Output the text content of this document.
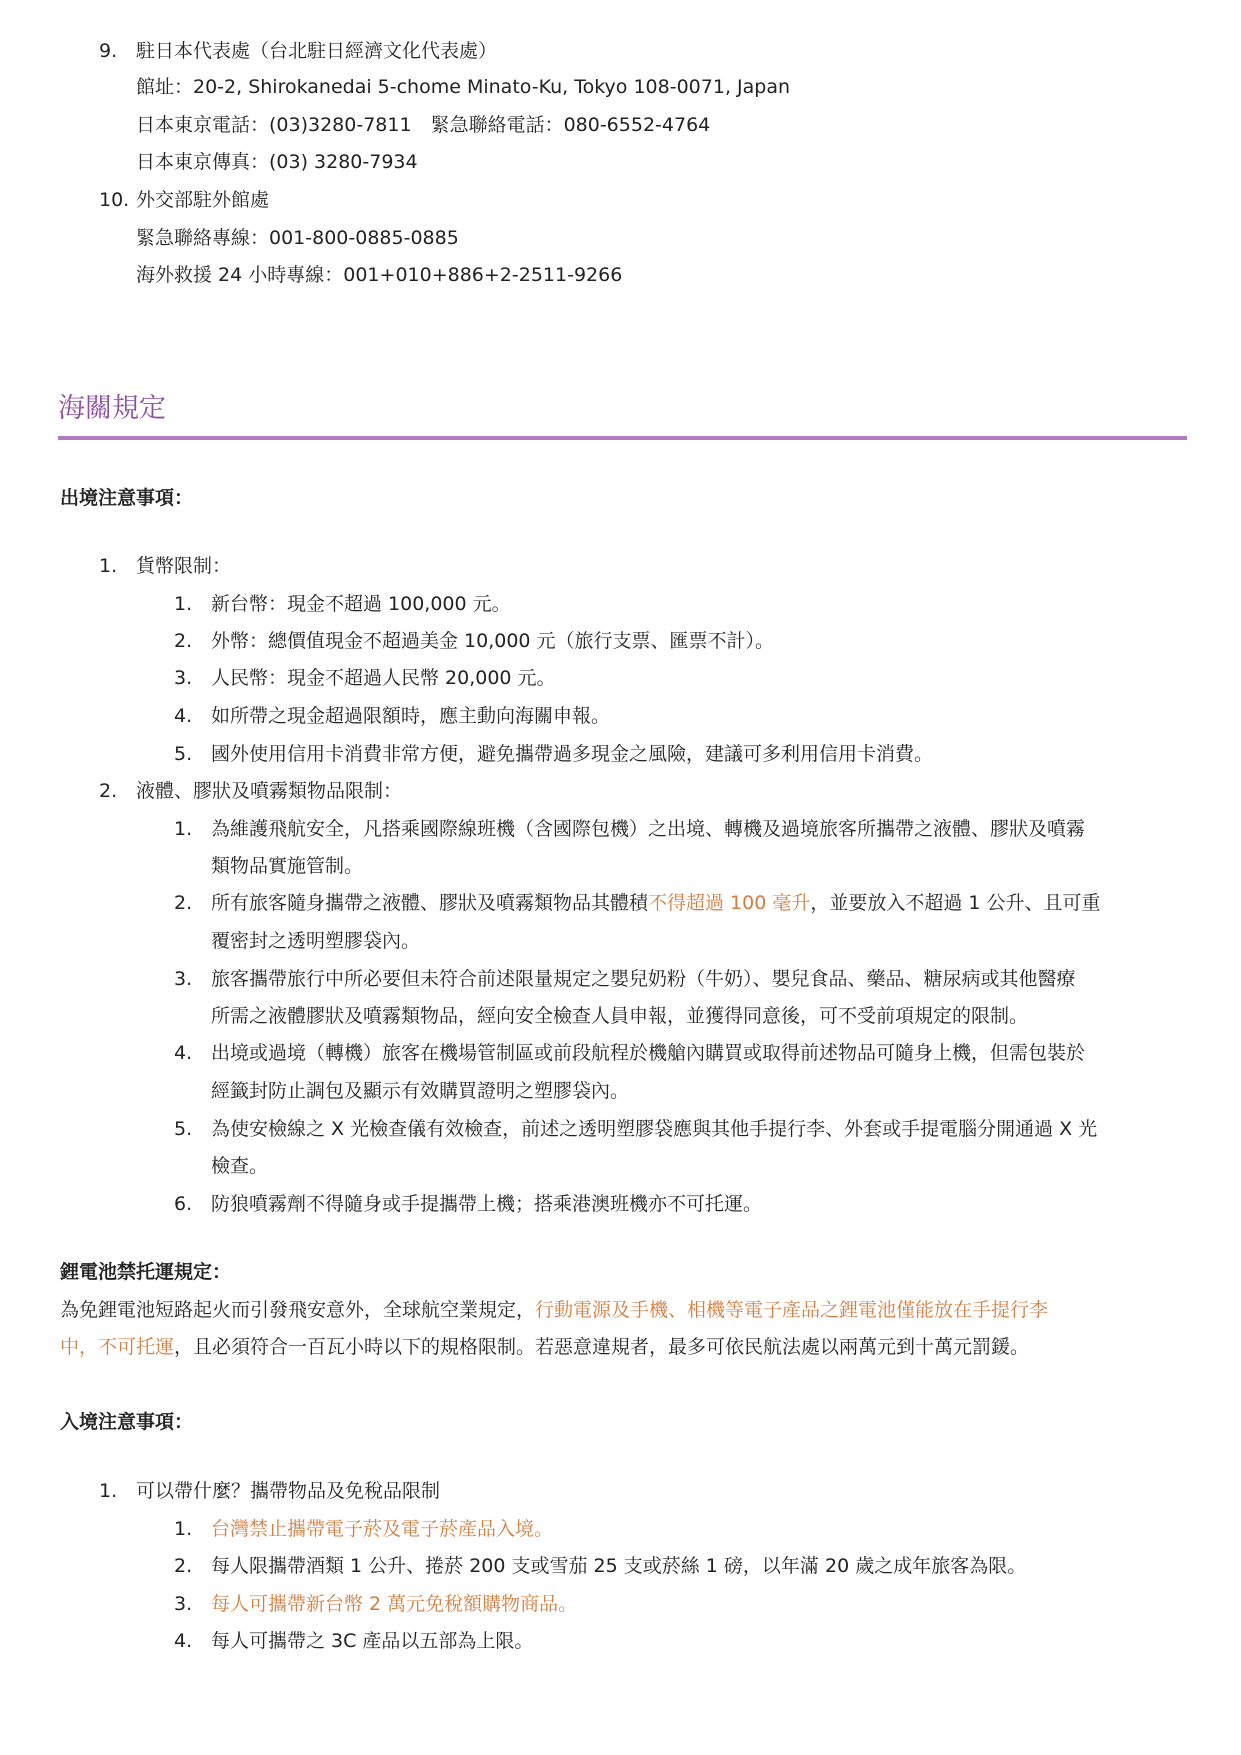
9. 駐日本代表處（台北駐日經濟文化代表處）
館址：20-2, Shirokanedai 5-chome Minato-Ku, Tokyo 108-0071, Japan
日本東京電話：(03)3280-7811　緊急聯絡電話：080-6552-4764
日本東京傳真：(03) 3280-7934
10. 外交部駐外館處
緊急聯絡專線：001-800-0885-0885
海外救援 24 小時專線：001+010+886+2-2511-9266
海關規定
出境注意事項：
1. 貨幣限制：
1. 新台幣：現金不超過 100,000 元。
2. 外幣：總價值現金不超過美金 10,000 元（旅行支票、匯票不計）。
3. 人民幣：現金不超過人民幣 20,000 元。
4. 如所帶之現金超過限額時，應主動向海關申報。
5. 國外使用信用卡消費非常方便，避免攜帶過多現金之風險，建議可多利用信用卡消費。
2. 液體、膠狀及噴霧類物品限制：
1. 為維護飛航安全，凡搭乘國際線班機（含國際包機）之出境、轉機及過境旅客所攜帶之液體、膠狀及噴霧
類物品實施管制。
2. 所有旅客隨身攜帶之液體、膠狀及噴霧類物品其體積不得超過 100 毫升，並要放入不超過 1 公升、且可重
覆密封之透明塑膠袋內。
3. 旅客攜帶旅行中所必要但未符合前述限量規定之嬰兒奶粉（牛奶）、嬰兒食品、藥品、糖尿病或其他醫療
所需之液體膠狀及噴霧類物品，經向安全檢查人員申報，並獲得同意後，可不受前項規定的限制。
4. 出境或過境（轉機）旅客在機場管制區或前段航程於機艙內購買或取得前述物品可隨身上機，但需包裝於
經籤封防止調包及顯示有效購買證明之塑膠袋內。
5. 為使安檢線之 X 光檢查儀有效檢查，前述之透明塑膠袋應與其他手提行李、外套或手提電腦分開通過 X 光
檢查。
6. 防狼噴霧劑不得隨身或手提攜帶上機；搭乘港澳班機亦不可托運。
鋰電池禁托運規定：
為免鋰電池短路起火而引發飛安意外，全球航空業規定，行動電源及手機、相機等電子產品之鋰電池僅能放在手提行李
中，不可托運，且必須符合一百瓦小時以下的規格限制。若惡意違規者，最多可依民航法處以兩萬元到十萬元罰鍰。
入境注意事項：
1. 可以帶什麼？攜帶物品及免稅品限制
1. 台灣禁止攜帶電子菸及電子菸產品入境。
2. 每人限攜帶酒類 1 公升、捲菸 200 支或雪茄 25 支或菸絲 1 磅，以年滿 20 歲之成年旅客為限。
3. 每人可攜帶新台幣 2 萬元免稅額購物商品。
4. 每人可攜帶之 3C 產品以五部為上限。
